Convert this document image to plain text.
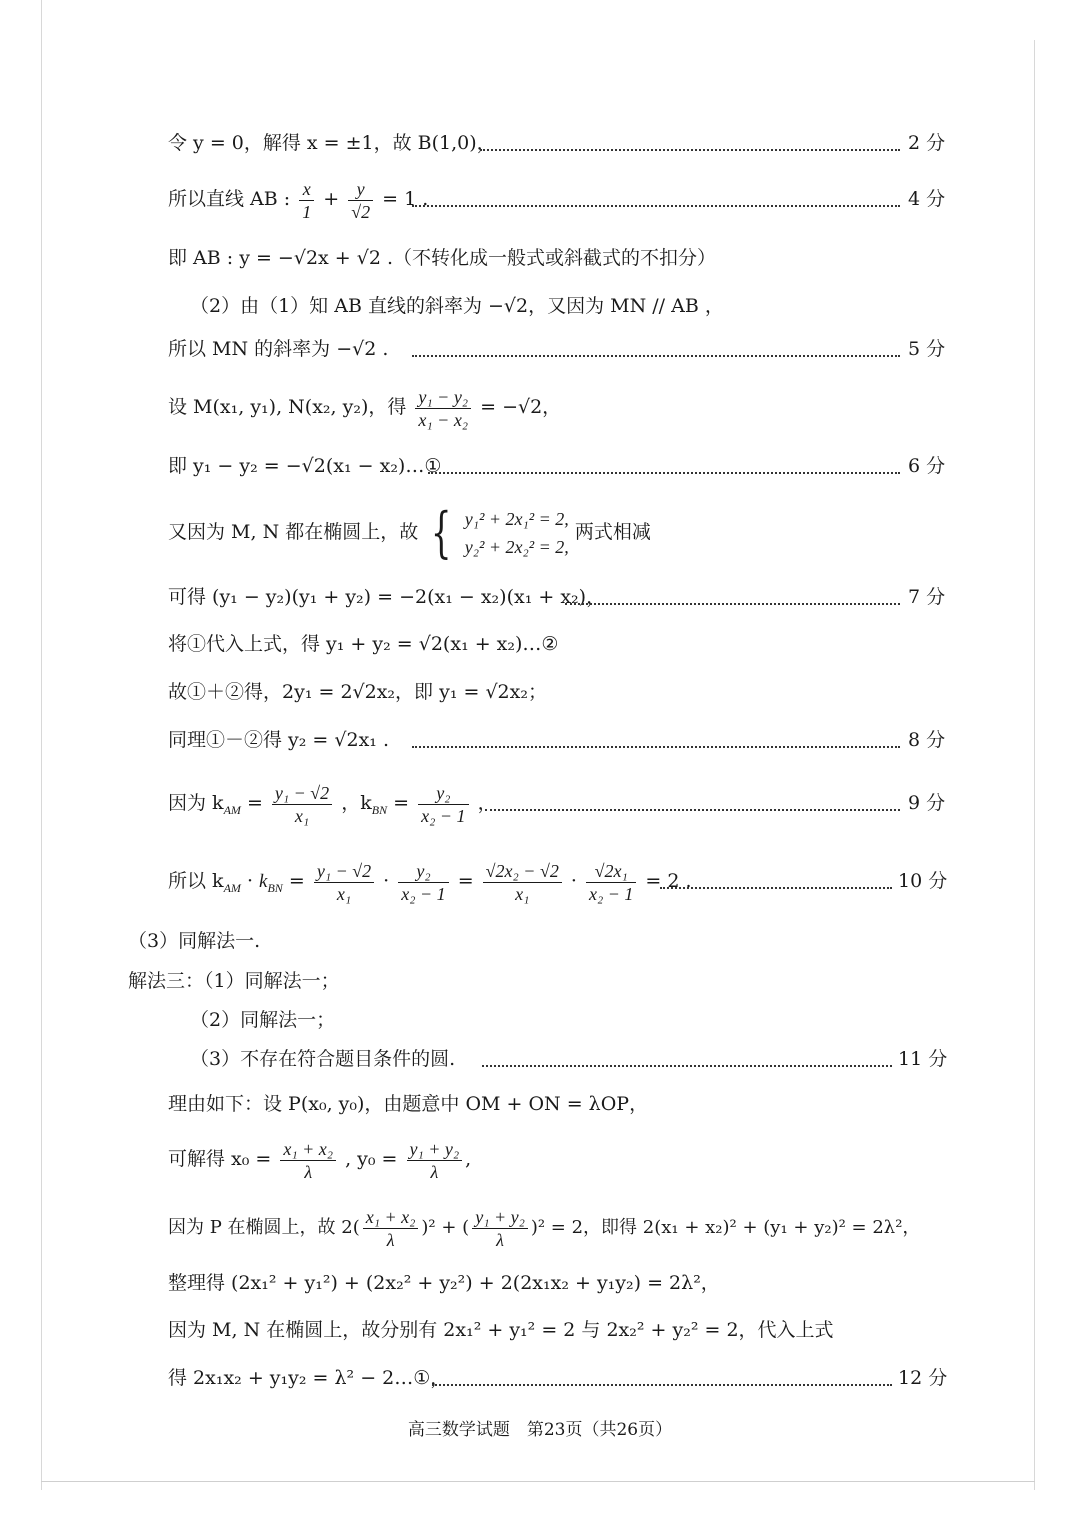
令 y = 0，解得 x = ±1，故 B(1,0)，	2 分
所以直线 AB : $\frac{x}{1} + \frac{y}{√2} = 1$ .	4 分
即 AB : y = −√2x + √2 .（不转化成一般式或斜截式的不扣分）
（2）由（1）知 AB 直线的斜率为 −√2，又因为 MN // AB ，
所以 MN 的斜率为 −√2 .	5 分
设 M(x₁, y₁), N(x₂, y₂)，得 $\frac{\text{y₁ − y₂}}{\text{x₁ − x₂}} = -√2$，
即 y₁ − y₂ = −√2(x₁ − x₂)…①	6 分
又因为 M, N 都在椭圆上，故 { y₁² + 2x₁² = 2,
y₂² + 2x₂² = 2,
两式相减
可得 (y₁ − y₂)(y₁ + y₂) = −2(x₁ − x₂)(x₁ + x₂)，	7 分
将①代入上式，得 y₁ + y₂ = √2(x₁ + x₂)…②
故①＋②得，2y₁ = 2√2x₂，即 y₁ = √2x₂；
同理①－②得 y₂ = √2x₁ .	8 分
因为 $k_{AM} = \frac{\text{y₁ − √2}}{\text{x₁}}$ ，$k_{BN} = \frac{\text{y₂}}{\text{x₂ − 1}}$ ，	9 分
所以 $k_{AM} \cdot k_{BN} = \frac{\text{y₁ − √2}}{\text{x₁}} \cdot \frac{\text{y₂}}{\text{x₂ − 1}} = \frac{\text{√2x₂ − √2}}{\text{x₁}} \cdot \frac{\text{√2x₁}}{\text{x₂ − 1}} = 2$ .	10 分
（3）同解法一.
解法三：（1）同解法一；
（2）同解法一；
（3）不存在符合题目条件的圆.	11 分
理由如下：设 P(x₀, y₀)，由题意中 OM + ON = λOP，
可解得 $x_0 = \frac{\text{x₁ + x₂}}{\lambda}$ , $y_0 = \frac{\text{y₁ + y₂}}{\lambda}$ ,
因为 P 在椭圆上，故 $2( \frac{\text{x₁ + x₂}}{\lambda} )^2$ + ( $\frac{\text{y₁ + y₂}}{\lambda} )^2 = 2$，即得 2(x₁ + x₂)² + (y₁ + y₂)² = 2λ²，
整理得 (2x₁² + y₁²) + (2x₂² + y₂²) + 2(2x₁x₂ + y₁y₂) = 2λ²，
因为 M, N 在椭圆上，故分别有 2x₁² + y₁² = 2 与 2x₂² + y₂² = 2，代入上式
得 2x₁x₂ + y₁y₂ = λ² − 2…①，	12 分
高三数学试题　第23页（共26页）
